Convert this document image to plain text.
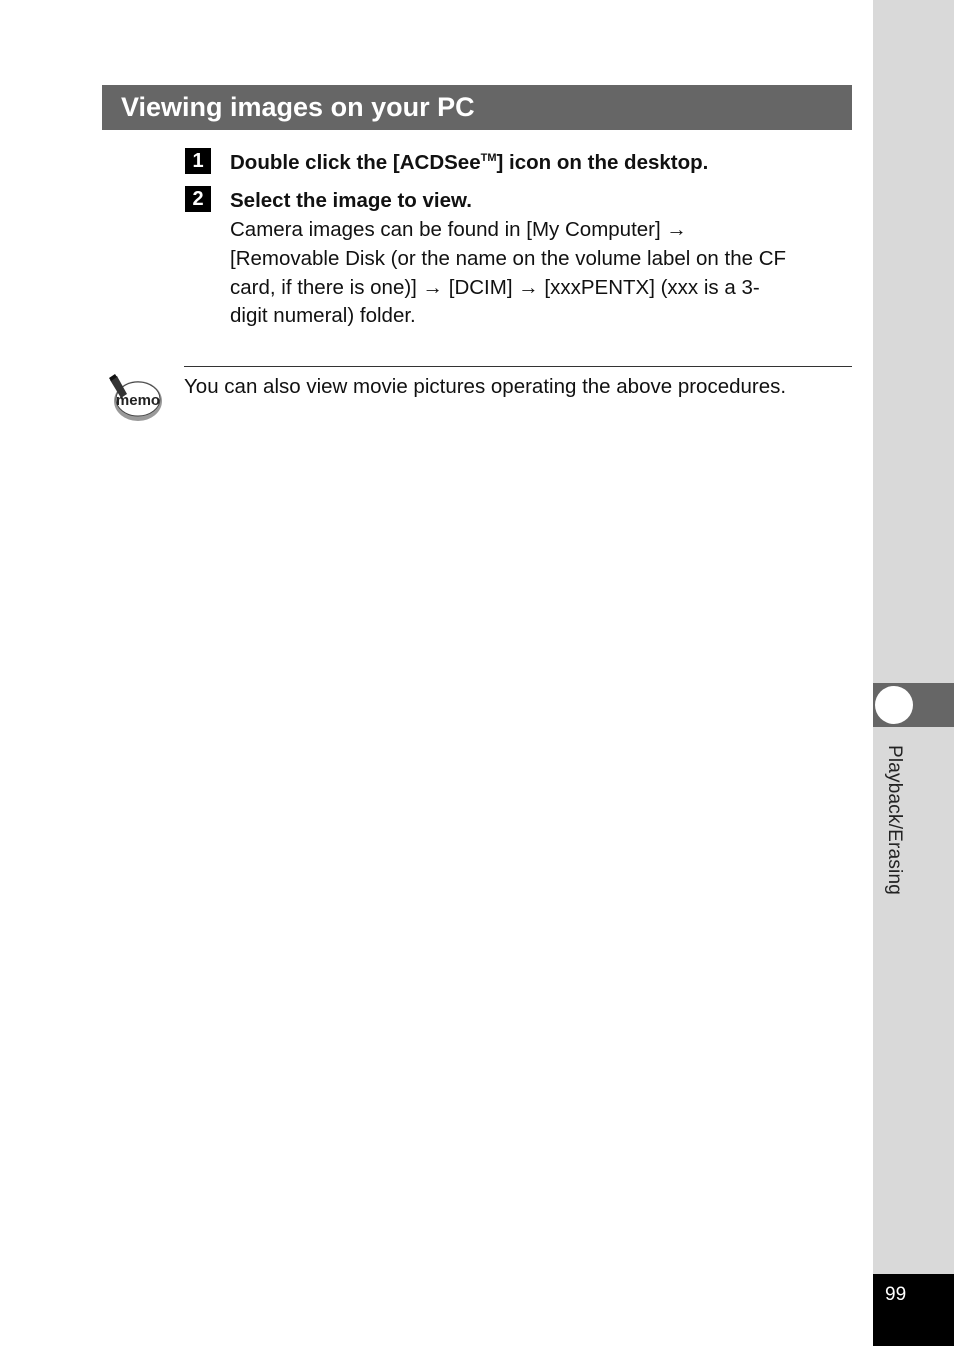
Playback/Erasing
99
Viewing images on your PC
1	Double click the [ACDSee™] icon on the desktop.
2	Select the image to view.

Camera images can be found in [My Computer] →

[Removable Disk (or the name on the volume label on the CF

card, if there is one)] → [DCIM] → [xxxPENTX] (xxx is a 3-

digit numeral) folder.

memo
You can also view movie pictures operating the above procedures.
